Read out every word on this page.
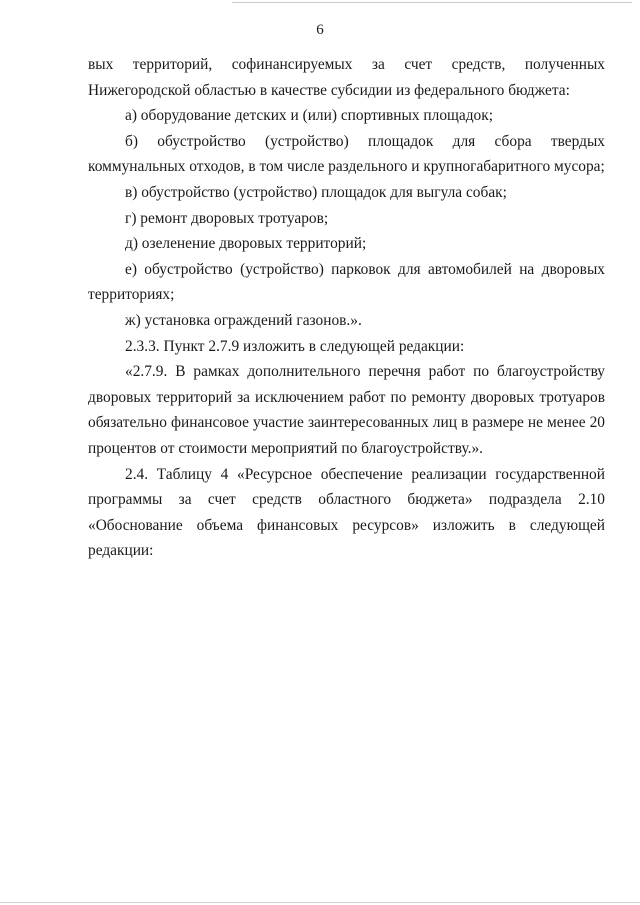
6

вых территорий, софинансируемых за счет средств, полученных Нижегородской областью в качестве субсидии из федерального бюджета:

а) оборудование детских и (или) спортивных площадок;

б) обустройство (устройство) площадок для сбора твердых коммунальных отходов, в том числе раздельного и крупногабаритного мусора;

в) обустройство (устройство) площадок для выгула собак;

г) ремонт дворовых тротуаров;

д) озеленение дворовых территорий;

е) обустройство (устройство) парковок для автомобилей на дворовых территориях;

ж) установка ограждений газонов.».

2.3.3. Пункт 2.7.9 изложить в следующей редакции:

«2.7.9. В рамках дополнительного перечня работ по благоустройству дворовых территорий за исключением работ по ремонту дворовых тротуаров обязательно финансовое участие заинтересованных лиц в размере не менее 20 процентов от стоимости мероприятий по благоустройству.».

2.4. Таблицу 4 «Ресурсное обеспечение реализации государственной программы за счет средств областного бюджета» подраздела 2.10 «Обоснование объема финансовых ресурсов» изложить в следующей редакции:
